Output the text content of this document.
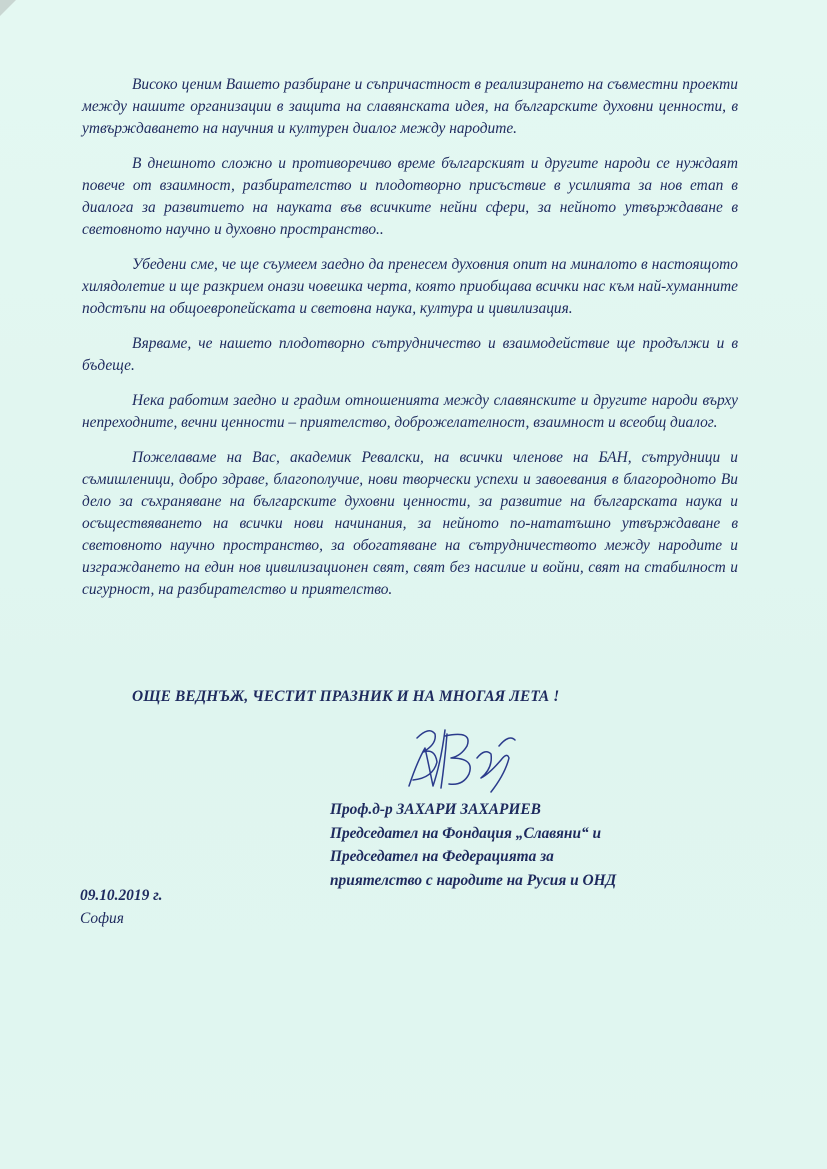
Високо ценим Вашето разбиране и съпричастност в реализирането на съвместни проекти между нашите организации в защита на славянската идея, на българските духовни ценности, в утвърждаването на научния и културен диалог между народите.

В днешното сложно и противоречиво време българският и другите народи се нуждаят повече от взаимност, разбирателство и плодотворно присъствие в усилията за нов етап в диалога за развитието на науката във всичките нейни сфери, за нейното утвърждаване в световното научно и духовно пространство..

Убедени сме, че ще съумеем заедно да пренесем духовния опит на миналото в настоящото хилядолетие и ще разкрием онази човешка черта, която приобщава всички нас към най-хуманните подстъпи на общоевропейската и световна наука, култура и цивилизация.

Вярваме, че нашето плодотворно сътрудничество и взаимодействие ще продължи и в бъдеще.

Нека работим заедно и градим отношенията между славянските и другите народи върху непреходните, вечни ценности – приятелство, доброжелателност, взаимност и всеобщ диалог.

Пожелаваме на Вас, академик Ревалски, на всички членове на БАН, сътрудници и съмишленици, добро здраве, благополучие, нови творчески успехи и завоевания в благородното Ви дело за съхраняване на българските духовни ценности, за развитие на българската наука и осъществяването на всички нови начинания, за нейното по-нататъшно утвърждаване в световното научно пространство, за обогатяване на сътрудничеството между народите и изграждането на един нов цивилизационен свят, свят без насилие и войни, свят на стабилност и сигурност, на разбирателство и приятелство.

ОЩЕ ВЕДНЪЖ, ЧЕСТИТ ПРАЗНИК И НА МНОГАЯ ЛЕТА !
Проф.д-р ЗАХАРИ ЗАХАРИЕВ
Председател на Фондация „Славяни“ и
Председател на Федерацията за
приятелство с народите на Русия и ОНД
09.10.2019 г.
София
